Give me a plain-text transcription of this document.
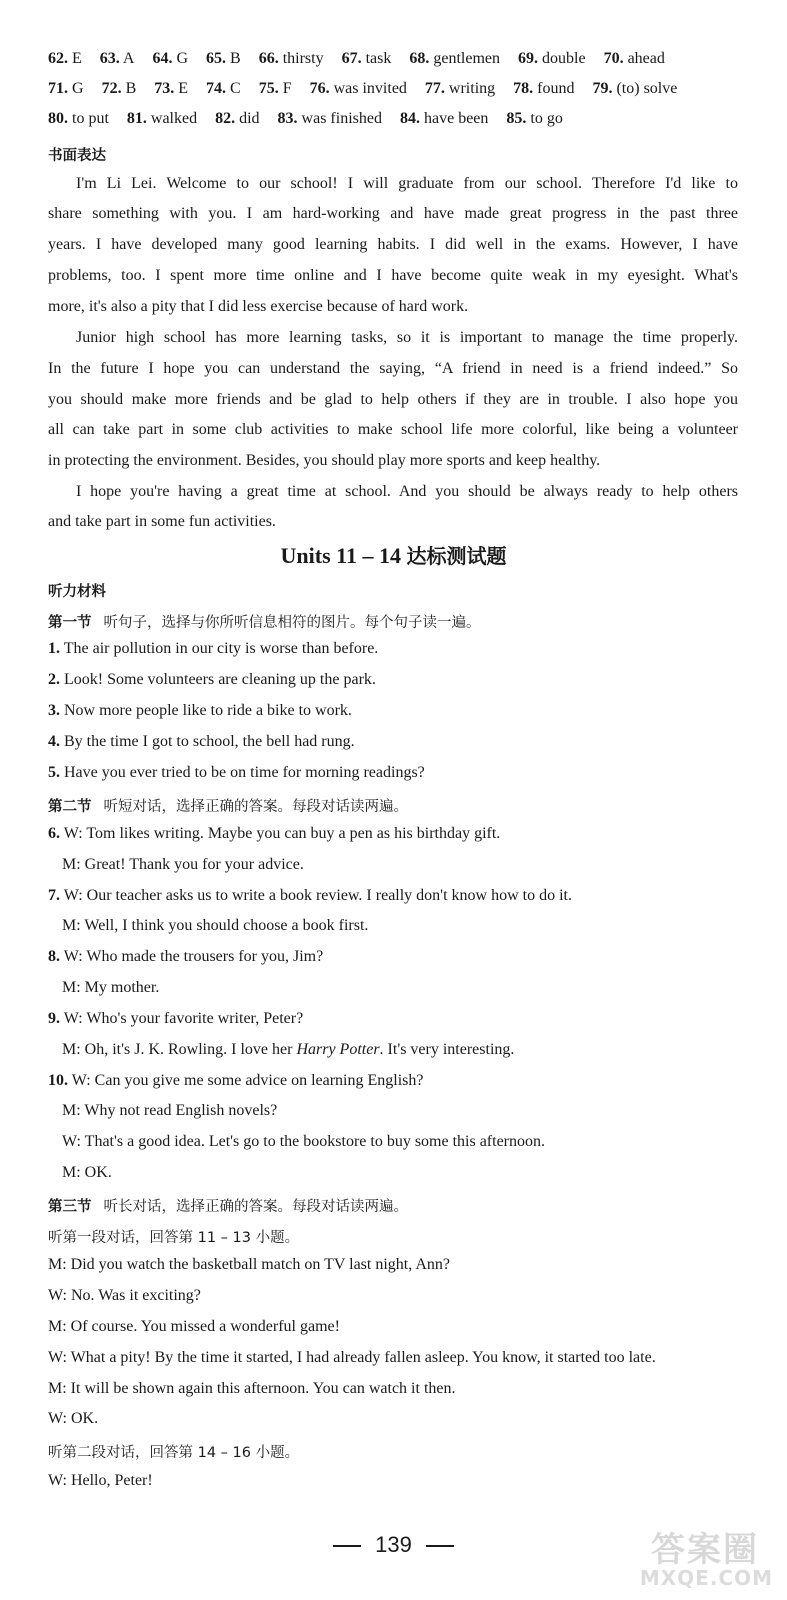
62. E 63. A 64. G 65. B 66. thirsty 67. task 68. gentlemen 69. double 70. ahead
71. G 72. B 73. E 74. C 75. F 76. was invited 77. writing 78. found 79. (to) solve
80. to put 81. walked 82. did 83. was finished 84. have been 85. to go
书面表达
I'm Li Lei. Welcome to our school! I will graduate from our school. Therefore I'd like to
share something with you. I am hard-working and have made great progress in the past three
years. I have developed many good learning habits. I did well in the exams. However, I have
problems, too. I spent more time online and I have become quite weak in my eyesight. What's
more, it's also a pity that I did less exercise because of hard work.
Junior high school has more learning tasks, so it is important to manage the time properly.
In the future I hope you can understand the saying, “A friend in need is a friend indeed.” So
you should make more friends and be glad to help others if they are in trouble. I also hope you
all can take part in some club activities to make school life more colorful, like being a volunteer
in protecting the environment. Besides, you should play more sports and keep healthy.
I hope you're having a great time at school. And you should be always ready to help others
and take part in some fun activities.
Units 11 – 14 达标测试题
听力材料
第一节 听句子，选择与你所听信息相符的图片。每个句子读一遍。
1. The air pollution in our city is worse than before.
2. Look! Some volunteers are cleaning up the park.
3. Now more people like to ride a bike to work.
4. By the time I got to school, the bell had rung.
5. Have you ever tried to be on time for morning readings?
第二节 听短对话，选择正确的答案。每段对话读两遍。
6. W: Tom likes writing. Maybe you can buy a pen as his birthday gift.
M: Great! Thank you for your advice.
7. W: Our teacher asks us to write a book review. I really don't know how to do it.
M: Well, I think you should choose a book first.
8. W: Who made the trousers for you, Jim?
M: My mother.
9. W: Who's your favorite writer, Peter?
M: Oh, it's J. K. Rowling. I love her Harry Potter. It's very interesting.
10. W: Can you give me some advice on learning English?
M: Why not read English novels?
W: That's a good idea. Let's go to the bookstore to buy some this afternoon.
M: OK.
第三节 听长对话，选择正确的答案。每段对话读两遍。
听第一段对话，回答第 11 – 13 小题。
M: Did you watch the basketball match on TV last night, Ann?
W: No. Was it exciting?
M: Of course. You missed a wonderful game!
W: What a pity! By the time it started, I had already fallen asleep. You know, it started too late.
M: It will be shown again this afternoon. You can watch it then.
W: OK.
听第二段对话，回答第 14 – 16 小题。
W: Hello, Peter!
139	答案圈
MXQE.COM
